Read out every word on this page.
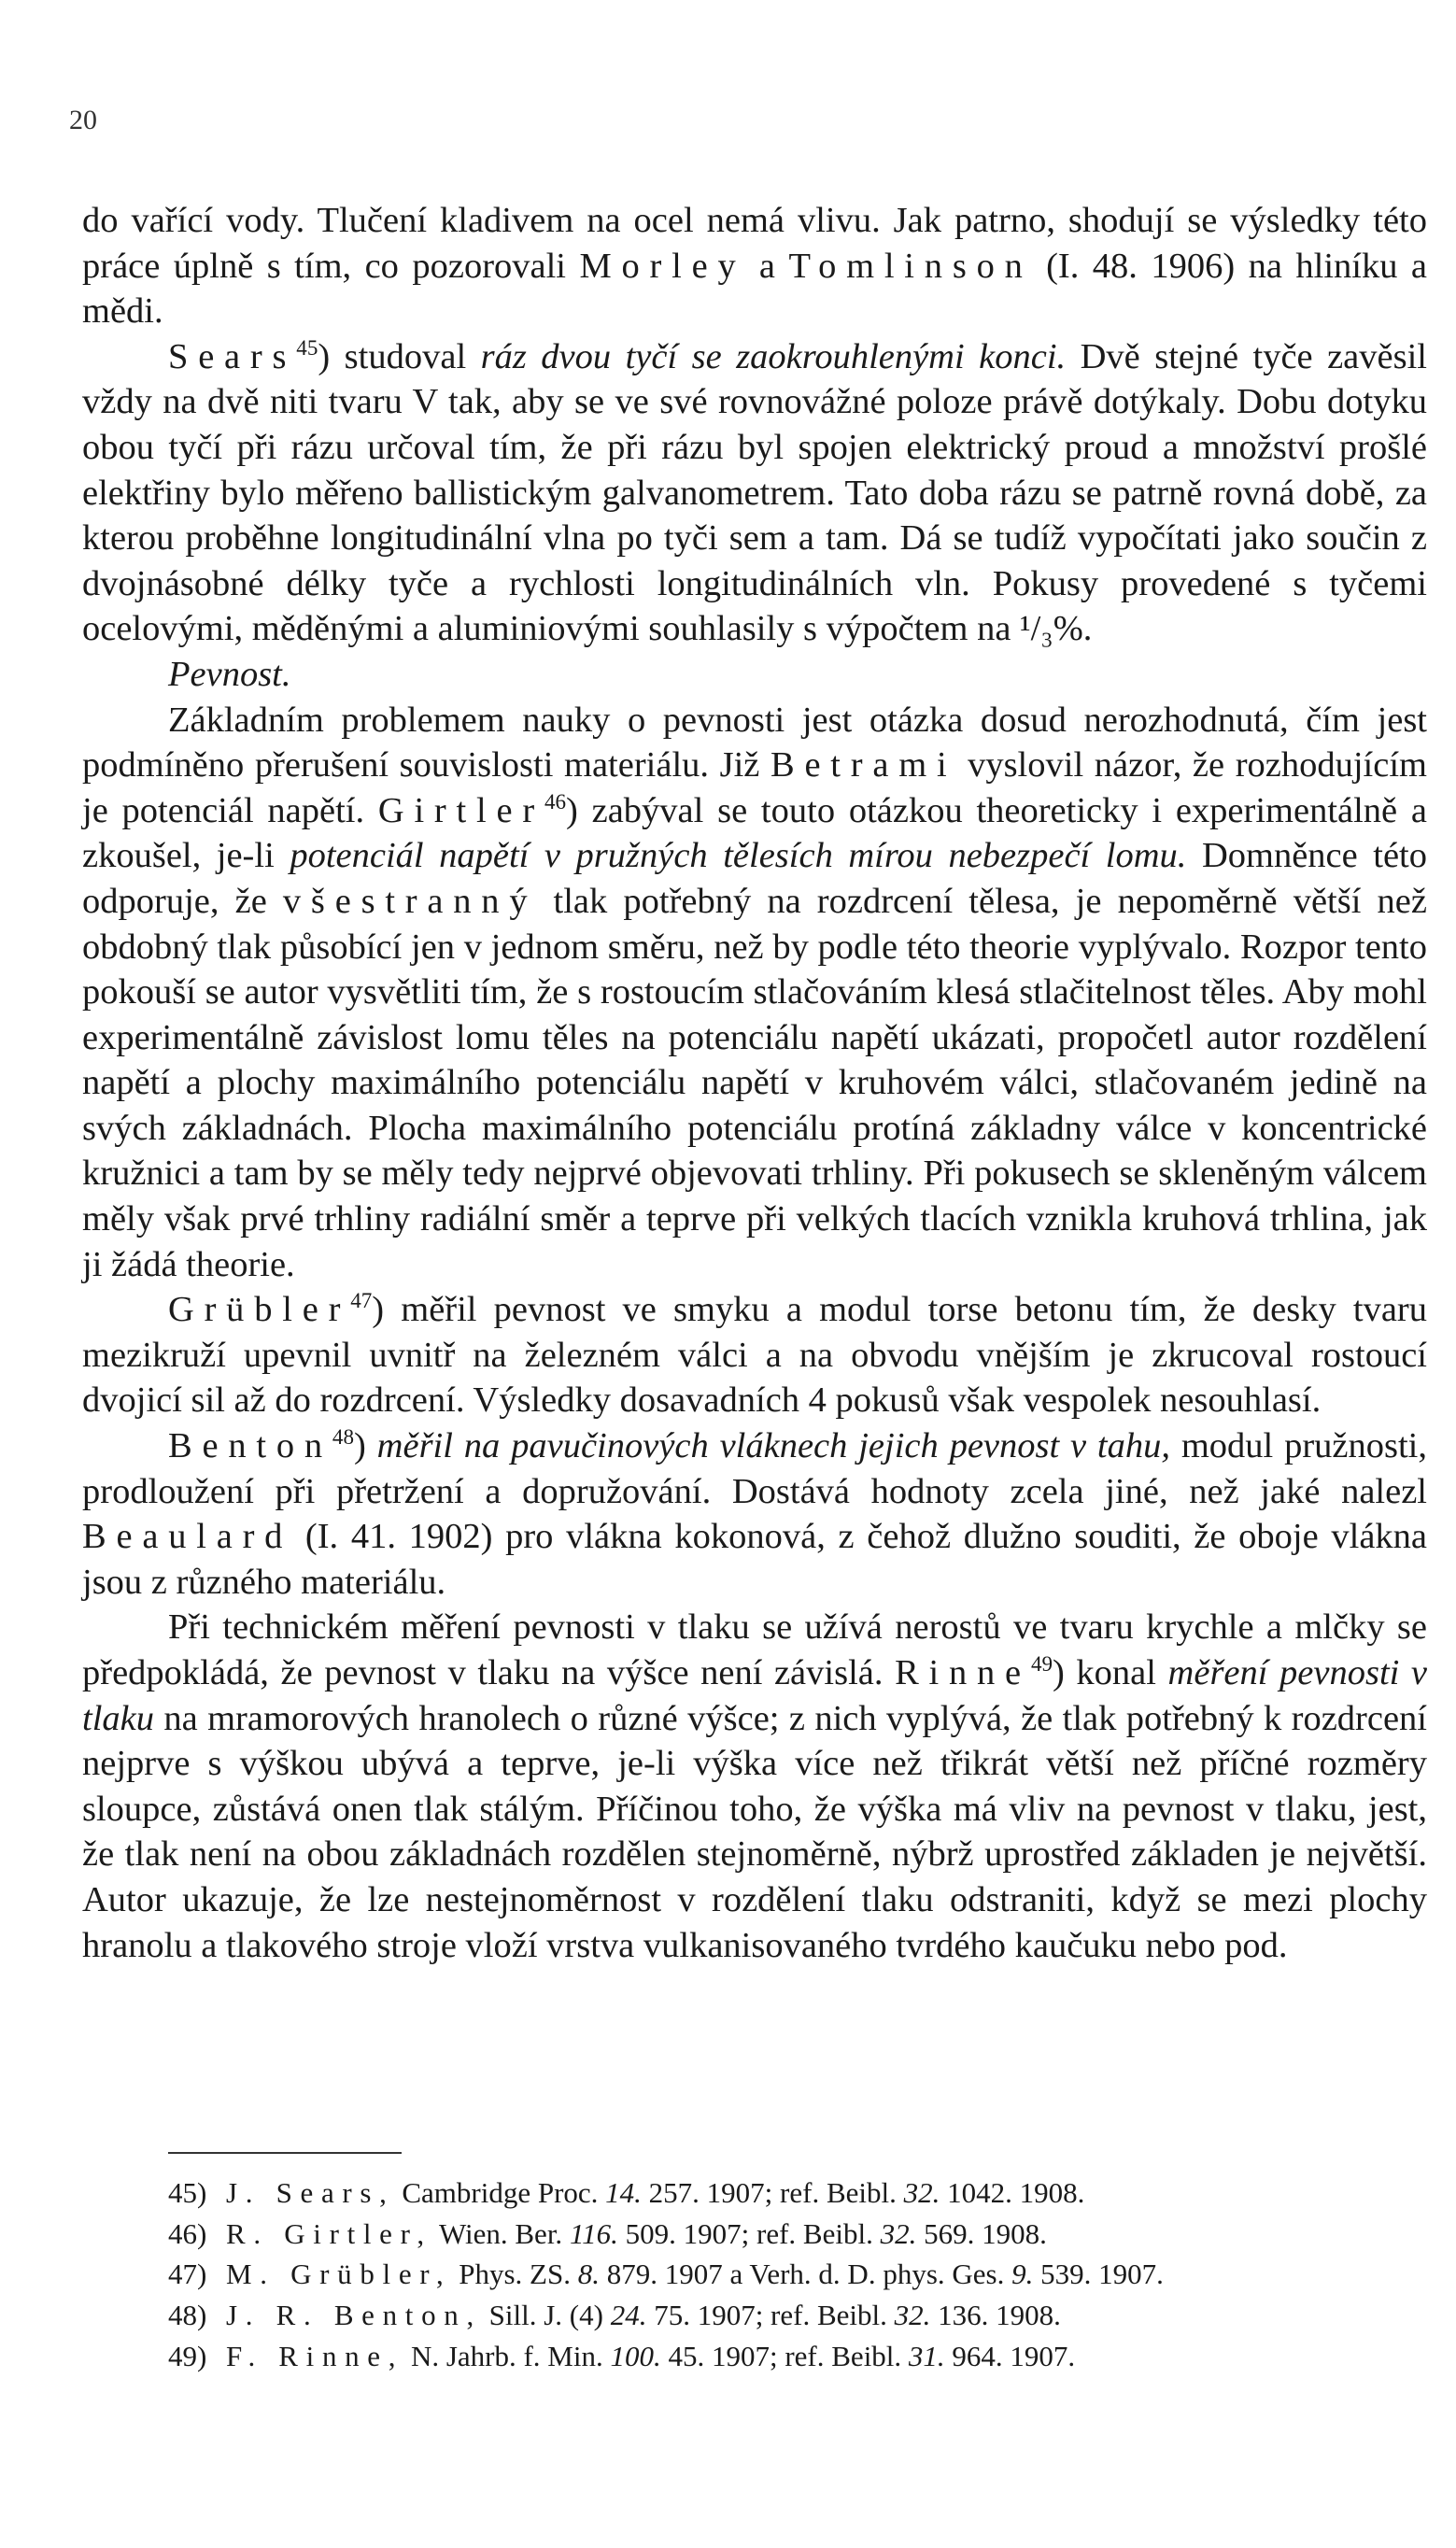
20

do vařící vody. Tlučení kladivem na ocel nemá vlivu. Jak patrno, shodují se výsledky této práce úplně s tím, co pozorovali Morley a Tomlinson (I. 48. 1906) na hliníku a mědi.

Sears$^{45}$) studoval ráz dvou tyčí se zaokrouhlenými konci. Dvě stejné tyče zavěsil vždy na dvě niti tvaru V tak, aby se ve své rovnovážné poloze právě dotýkaly. Dobu dotyku obou tyčí při rázu určoval tím, že při rázu byl spojen elektrický proud a množství prošlé elektřiny bylo měřeno ballistickým galvanometrem. Tato doba rázu se patrně rovná době, za kterou proběhne longitudinální vlna po tyči sem a tam. Dá se tudíž vypočítati jako součin z dvojnásobné délky tyče a rychlosti longitudinálních vln. Pokusy provedené s tyčemi ocelovými, měděnými a aluminiovými souhlasily s výpočtem na ¹/₃%.

Pevnost.

Základním problemem nauky o pevnosti jest otázka dosud nerozhodnutá, čím jest podmíněno přerušení souvislosti materiálu. Již Betrami vyslovil názor, že rozhodujícím je potenciál napětí. Girtler$^{46}$) zabýval se touto otázkou theoreticky i experimentálně a zkoušel, je-li potenciál napětí v pružných tělesích mírou nebezpečí lomu. Domněnce této odporuje, že všestranný tlak potřebný na rozdrcení tělesa, je nepoměrně větší než obdobný tlak působící jen v jednom směru, než by podle této theorie vyplývalo. Rozpor tento pokouší se autor vysvětliti tím, že s rostoucím stlačováním klesá stlačitelnost těles. Aby mohl experimentálně závislost lomu těles na potenciálu napětí ukázati, propočetl autor rozdělení napětí a plochy maximálního potenciálu napětí v kruhovém válci, stlačovaném jedině na svých základnách. Plocha maximálního potenciálu protíná základny válce v koncentrické kružnici a tam by se měly tedy nejprvé objevovati trhliny. Při pokusech se skleněným válcem měly však prvé trhliny radiální směr a teprve při velkých tlacích vznikla kruhová trhlina, jak ji žádá theorie.

Grübler$^{47}$) měřil pevnost ve smyku a modul torse betonu tím, že desky tvaru mezikruží upevnil uvnitř na železném válci a na obvodu vnějším je zkrucoval rostoucí dvojicí sil až do rozdrcení. Výsledky dosavadních 4 pokusů však vespolek nesouhlasí.

Benton$^{48}$) měřil na pavučinových vláknech jejich pevnost v tahu, modul pružnosti, prodloužení při přetržení a dopružování. Dostává hodnoty zcela jiné, než jaké nalezl Beaulard (I. 41. 1902) pro vlákna kokonová, z čehož dlužno souditi, že oboje vlákna jsou z různého materiálu.

Při technickém měření pevnosti v tlaku se užívá nerostů ve tvaru krychle a mlčky se předpokládá, že pevnost v tlaku na výšce není závislá. Rinne$^{49}$) konal měření pevnosti v tlaku na mramorových hranolech o různé výšce; z nich vyplývá, že tlak potřebný k rozdrcení nejprve s výškou ubývá a teprve, je-li výška více než třikrát větší než příčné rozměry sloupce, zůstává onen tlak stálým. Příčinou toho, že výška má vliv na pevnost v tlaku, jest, že tlak není na obou základnách rozdělen stejnoměrně, nýbrž uprostřed základen je největší. Autor ukazuje, že lze nestejnoměrnost v rozdělení tlaku odstraniti, když se mezi plochy hranolu a tlakového stroje vloží vrstva vulkanisovaného tvrdého kaučuku nebo pod.

45) J. Sears, Cambridge Proc. 14. 257. 1907; ref. Beibl. 32. 1042. 1908.
46) R. Girtler, Wien. Ber. 116. 509. 1907; ref. Beibl. 32. 569. 1908.
47) M. Grübler, Phys. ZS. 8. 879. 1907 a Verh. d. D. phys. Ges. 9. 539. 1907.
48) J. R. Benton, Sill. J. (4) 24. 75. 1907; ref. Beibl. 32. 136. 1908.
49) F. Rinne, N. Jahrb. f. Min. 100. 45. 1907; ref. Beibl. 31. 964. 1907.
